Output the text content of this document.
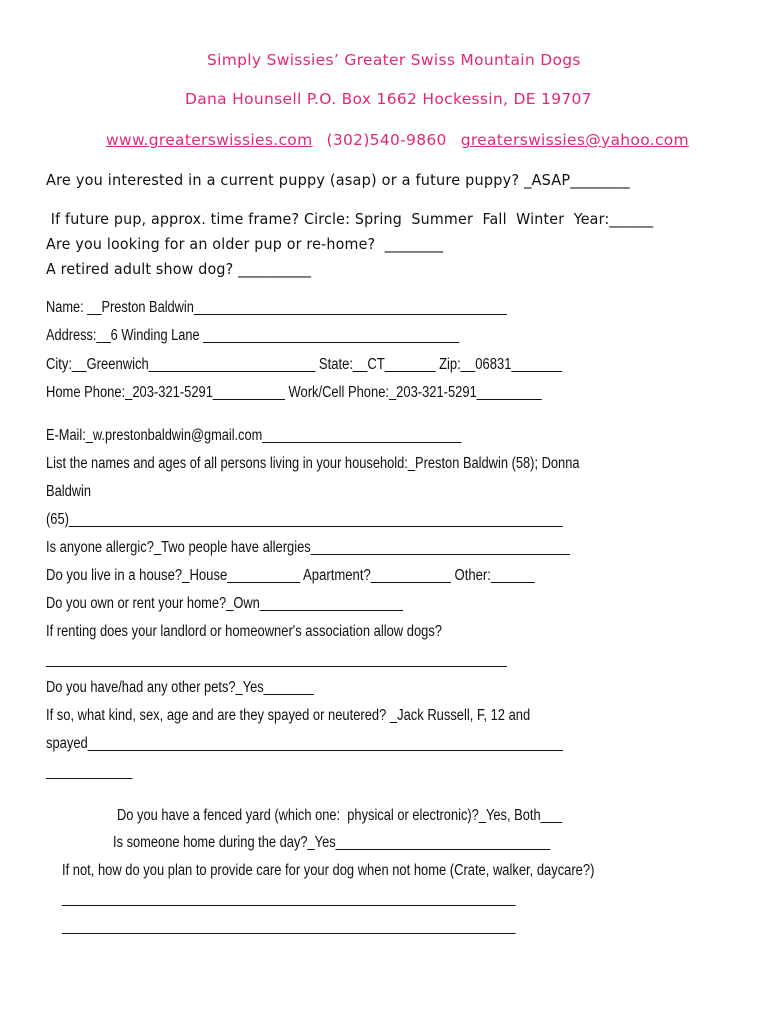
Simply Swissies’ Greater Swiss Mountain Dogs
Dana Hounsell P.O. Box 1662 Hockessin, DE 19707
www.greaterswissies.com (302)540-9860 greaterswissies@yahoo.com
Are you interested in a current puppy (asap) or a future puppy? _ASAP________
If future pup, approx. time frame? Circle: Spring  Summer  Fall  Winter  Year:______
Are you looking for an older pup or re-home?  ________
A retired adult show dog? __________
Name: __Preston Baldwin____________________________________________
Address:__6 Winding Lane ____________________________________
City:__Greenwich_______________________ State:__CT_______ Zip:__06831_______
Home Phone:_203-321-5291__________ Work/Cell Phone:_203-321-5291_________
E-Mail:_w.prestonbaldwin@gmail.com____________________________
List the names and ages of all persons living in your household:_Preston Baldwin (58); Donna
Baldwin
(65)_____________________________________________________________________
Is anyone allergic?_Two people have allergies____________________________________
Do you live in a house?_House__________ Apartment?___________ Other:______
Do you own or rent your home?_Own____________________
If renting does your landlord or homeowner's association allow dogs?
________________________________________________________________
Do you have/had any other pets?_Yes_______
If so, what kind, sex, age and are they spayed or neutered? _Jack Russell, F, 12 and
spayed__________________________________________________________________
____________
Do you have a fenced yard (which one:  physical or electronic)?_Yes, Both___
Is someone home during the day?_Yes______________________________
If not, how do you plan to provide care for your dog when not home (Crate, walker, daycare?)
_______________________________________________________________
_______________________________________________________________
